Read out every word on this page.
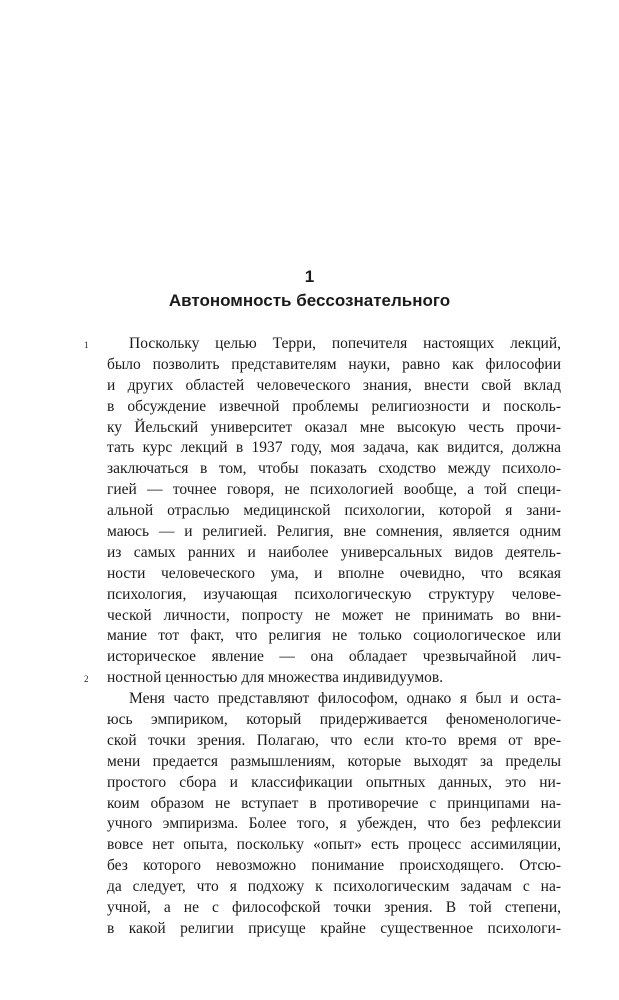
1
Автономность бессознательного
1
2
Поскольку целью Терри, попечителя настоящих лекций,
было позволить представителям науки, равно как философии
и других областей человеческого знания, внести свой вклад
в обсуждение извечной проблемы религиозности и посколь-
ку Йельский университет оказал мне высокую честь прочи-
тать курс лекций в 1937 году, моя задача, как видится, должна
заключаться в том, чтобы показать сходство между психоло-
гией — точнее говоря, не психологией вообще, а той специ-
альной отраслью медицинской психологии, которой я зани-
маюсь — и религией. Религия, вне сомнения, является одним
из самых ранних и наиболее универсальных видов деятель-
ности человеческого ума, и вполне очевидно, что всякая
психология, изучающая психологическую структуру челове-
ческой личности, попросту не может не принимать во вни-
мание тот факт, что религия не только социологическое или
историческое явление — она обладает чрезвычайной лич-
ностной ценностью для множества индивидуумов.
Меня часто представляют философом, однако я был и оста-
юсь эмпириком, который придерживается феноменологиче-
ской точки зрения. Полагаю, что если кто-то время от вре-
мени предается размышлениям, которые выходят за пределы
простого сбора и классификации опытных данных, это ни-
коим образом не вступает в противоречие с принципами на-
учного эмпиризма. Более того, я убежден, что без рефлексии
вовсе нет опыта, поскольку «опыт» есть процесс ассимиляции,
без которого невозможно понимание происходящего. Отсю-
да следует, что я подхожу к психологическим задачам с на-
учной, а не с философской точки зрения. В той степени,
в какой религии присуще крайне существенное психологи-
